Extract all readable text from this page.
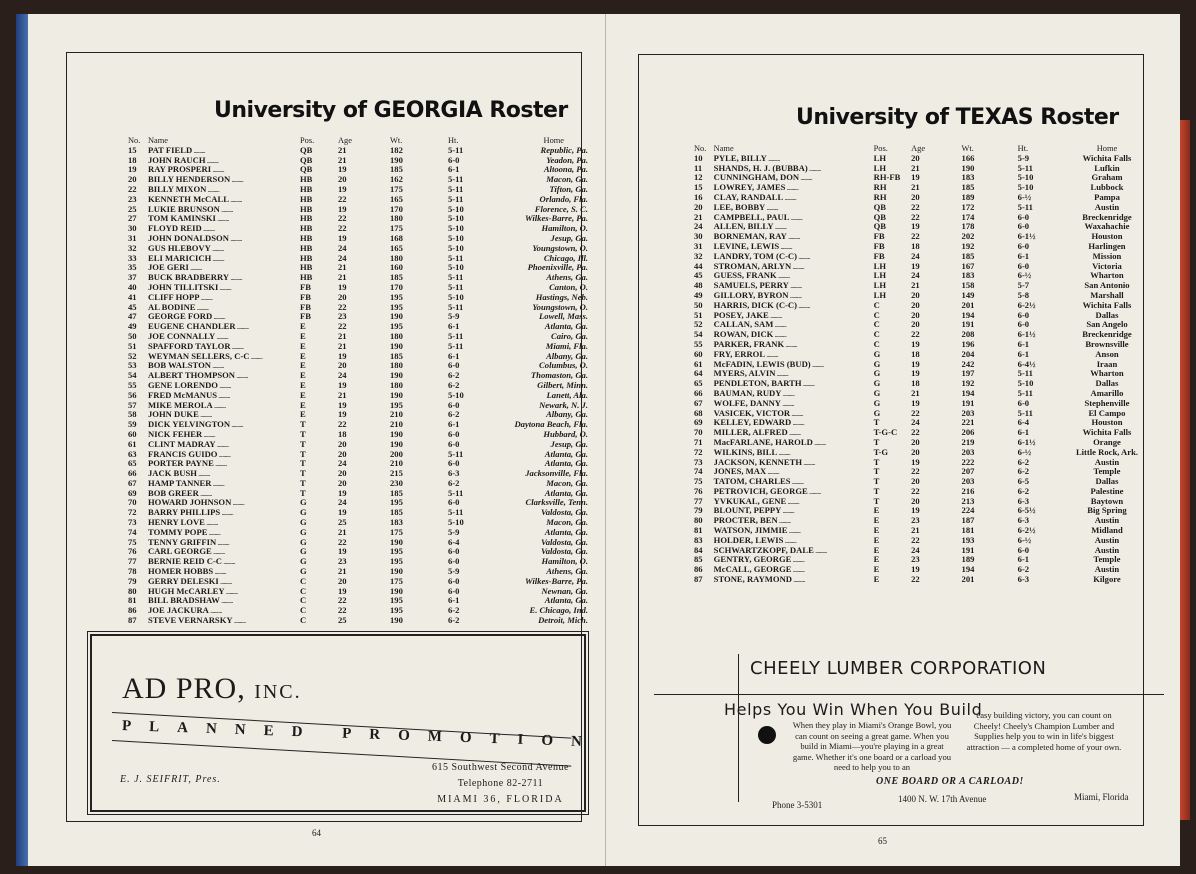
University of GEORGIA Roster
No.	Name	Pos.	Age	Wt.	Ht.	Home
15	PAT FIELD ..........	QB	21	182	5-11	Republic, Pa.
18	JOHN RAUCH ..........	QB	21	190	6-0	Yeadon, Pa.
19	RAY PROSPERI ..........	QB	19	185	6-1	Altoona, Pa.
20	BILLY HENDERSON ..........	HB	20	162	5-11	Macon, Ga.
22	BILLY MIXON ..........	HB	19	175	5-11	Tifton, Ga.
23	KENNETH McCALL ..........	HB	22	165	5-11	Orlando, Fla.
25	LUKIE BRUNSON ..........	HB	19	170	5-10	Florence, S. C.
27	TOM KAMINSKI ..........	HB	22	180	5-10	Wilkes-Barre, Pa.
30	FLOYD REID ..........	HB	22	175	5-10	Hamilton, O.
31	JOHN DONALDSON ..........	HB	19	168	5-10	Jesup, Ga.
32	GUS HLEBOVY ..........	HB	24	165	5-10	Youngstown, O.
33	ELI MARICICH ..........	HB	24	180	5-11	Chicago, Ill.
35	JOE GERI ..........	HB	21	160	5-10	Phoenixville, Pa.
37	BUCK BRADBERRY ..........	HB	21	185	5-11	Athens, Ga.
40	JOHN TILLITSKI ..........	FB	19	170	5-11	Canton, O.
41	CLIFF HOPP ..........	FB	20	195	5-10	Hastings, Neb.
45	AL BODINE ..........	FB	22	195	5-11	Youngstown, O.
47	GEORGE FORD ..........	FB	23	190	5-9	Lowell, Mass.
49	EUGENE CHANDLER ..........	E	22	195	6-1	Atlanta, Ga.
50	JOE CONNALLY ..........	E	21	180	5-11	Cairo, Ga.
51	SPAFFORD TAYLOR ..........	E	21	190	5-11	Miami, Fla.
52	WEYMAN SELLERS, C-C ..........	E	19	185	6-1	Albany, Ga.
53	BOB WALSTON ..........	E	20	180	6-0	Columbus, O.
54	ALBERT THOMPSON ..........	E	24	190	6-2	Thomaston, Ga.
55	GENE LORENDO ..........	E	19	180	6-2	Gilbert, Minn.
56	FRED McMANUS ..........	E	21	190	5-10	Lanett, Ala.
57	MIKE MEROLA ..........	E	19	195	6-0	Newark, N. J.
58	JOHN DUKE ..........	E	19	210	6-2	Albany, Ga.
59	DICK YELVINGTON ..........	T	22	210	6-1	Daytona Beach, Fla.
60	NICK FEHER ..........	T	18	190	6-0	Hubbard, O.
61	CLINT MADRAY ..........	T	20	190	6-0	Jesup, Ga.
63	FRANCIS GUIDO ..........	T	20	200	5-11	Atlanta, Ga.
65	PORTER PAYNE ..........	T	24	210	6-0	Atlanta, Ga.
66	JACK BUSH ..........	T	20	215	6-3	Jacksonville, Fla.
67	HAMP TANNER ..........	T	20	230	6-2	Macon, Ga.
69	BOB GREER ..........	T	19	185	5-11	Atlanta, Ga.
70	HOWARD JOHNSON ..........	G	24	195	6-0	Clarksville, Tenn.
72	BARRY PHILLIPS ..........	G	19	185	5-11	Valdosta, Ga.
73	HENRY LOVE ..........	G	25	183	5-10	Macon, Ga.
74	TOMMY POPE ..........	G	21	175	5-9	Atlanta, Ga.
75	TENNY GRIFFIN ..........	G	22	190	6-4	Valdosta, Ga.
76	CARL GEORGE ..........	G	19	195	6-0	Valdosta, Ga.
77	BERNIE REID C-C ..........	G	23	195	6-0	Hamilton, O.
78	HOMER HOBBS ..........	G	21	190	5-9	Athens, Ga.
79	GERRY DELESKI ..........	C	20	175	6-0	Wilkes-Barre, Pa.
80	HUGH McCARLEY ..........	C	19	190	6-0	Newnan, Ga.
81	BILL BRADSHAW ..........	C	22	195	6-1	Atlanta, Ga.
86	JOE JACKURA ..........	C	22	195	6-2	E. Chicago, Ind.
87	STEVE VERNARSKY ..........	C	25	190	6-2	Detroit, Mich.
AD PRO, INC.
PLANNED PROMOTION
E. J. SEIFRIT, Pres.
615 Southwest Second Avenue
Telephone 82-2711
MIAMI 36, FLORIDA
64
University of TEXAS Roster
No.	Name	Pos.	Age	Wt.	Ht.	Home
10	PYLE, BILLY ..........	LH	20	166	5-9	Wichita Falls
11	SHANDS, H. J. (BUBBA) ..........	LH	21	190	5-11	Lufkin
12	CUNNINGHAM, DON ..........	RH-FB	19	183	5-10	Graham
15	LOWREY, JAMES ..........	RH	21	185	5-10	Lubbock
16	CLAY, RANDALL ..........	RH	20	189	6-½	Pampa
20	LEE, BOBBY ..........	QB	22	172	5-11	Austin
21	CAMPBELL, PAUL ..........	QB	22	174	6-0	Breckenridge
24	ALLEN, BILLY ..........	QB	19	178	6-0	Waxahachie
30	BORNEMAN, RAY ..........	FB	22	202	6-1½	Houston
31	LEVINE, LEWIS ..........	FB	18	192	6-0	Harlingen
32	LANDRY, TOM (C-C) ..........	FB	24	185	6-1	Mission
44	STROMAN, ARLYN ..........	LH	19	167	6-0	Victoria
45	GUESS, FRANK ..........	LH	24	183	6-½	Wharton
48	SAMUELS, PERRY ..........	LH	21	158	5-7	San Antonio
49	GILLORY, BYRON ..........	LH	20	149	5-8	Marshall
50	HARRIS, DICK (C-C) ..........	C	20	201	6-2½	Wichita Falls
51	POSEY, JAKE ..........	C	20	194	6-0	Dallas
52	CALLAN, SAM ..........	C	20	191	6-0	San Angelo
54	ROWAN, DICK ..........	C	22	208	6-1½	Breckenridge
55	PARKER, FRANK ..........	C	19	196	6-1	Brownsville
60	FRY, ERROL ..........	G	18	204	6-1	Anson
61	McFADIN, LEWIS (BUD) ..........	G	19	242	6-4½	Iraan
64	MYERS, ALVIN ..........	G	19	197	5-11	Wharton
65	PENDLETON, BARTH ..........	G	18	192	5-10	Dallas
66	BAUMAN, RUDY ..........	G	21	194	5-11	Amarillo
67	WOLFE, DANNY ..........	G	19	191	6-0	Stephenville
68	VASICEK, VICTOR ..........	G	22	203	5-11	El Campo
69	KELLEY, EDWARD ..........	T	24	221	6-4	Houston
70	MILLER, ALFRED ..........	T-G-C	22	206	6-1	Wichita Falls
71	MacFARLANE, HAROLD ..........	T	20	219	6-1½	Orange
72	WILKINS, BILL ..........	T-G	20	203	6-½	Little Rock, Ark.
73	JACKSON, KENNETH ..........	T	19	222	6-2	Austin
74	JONES, MAX ..........	T	22	207	6-2	Temple
75	TATOM, CHARLES ..........	T	20	203	6-5	Dallas
76	PETROVICH, GEORGE ..........	T	22	216	6-2	Palestine
77	YVKUKAL, GENE ..........	T	20	213	6-3	Baytown
79	BLOUNT, PEPPY ..........	E	19	224	6-5½	Big Spring
80	PROCTER, BEN ..........	E	23	187	6-3	Austin
81	WATSON, JIMMIE ..........	E	21	181	6-2½	Midland
83	HOLDER, LEWIS ..........	E	22	193	6-½	Austin
84	SCHWARTZKOPF, DALE ..........	E	24	191	6-0	Austin
85	GENTRY, GEORGE ..........	E	23	189	6-1	Temple
86	McCALL, GEORGE ..........	E	19	194	6-2	Austin
87	STONE, RAYMOND ..........	E	22	201	6-3	Kilgore
CHEELY LUMBER CORPORATION
Helps You Win When You Build
When they play in Miami's Orange Bowl, you can count on seeing a great game. When you build in Miami—you're playing in a great game. Whether it's one board or a carload you need to help you to an
easy building victory, you can count on Cheely! Cheely's Champion Lumber and Supplies help you to win in life's biggest attraction — a completed home of your own.
ONE BOARD OR A CARLOAD!
Phone 3-5301
1400 N. W. 17th Avenue	Miami, Florida
65
